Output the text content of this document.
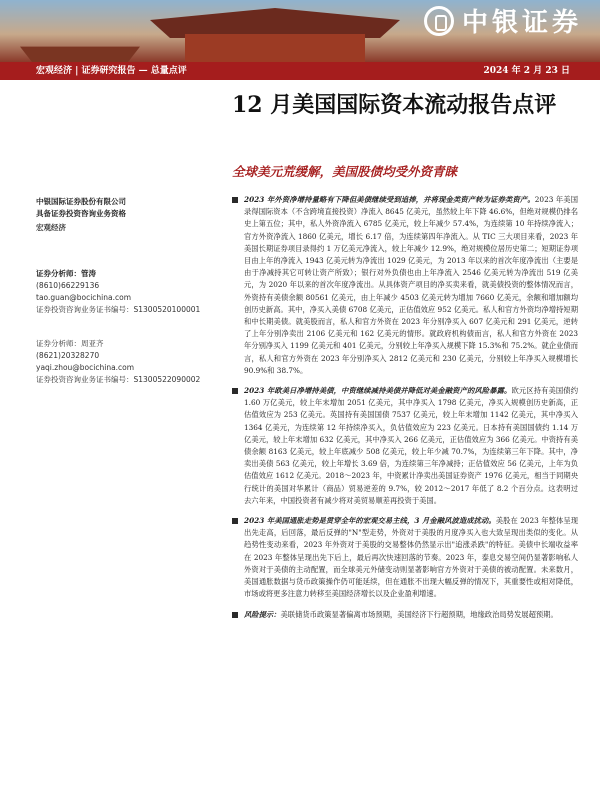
中银证券
宏观经济 | 证券研究报告 — 总量点评	2024 年 2 月 23 日
12 月美国国际资本流动报告点评
全球美元荒缓解，美国股债均受外资青睐
中银国际证券股份有限公司
具备证券投资咨询业务资格
宏观经济
证券分析师：管涛
(8610)66229136
tao.guan@bocichina.com
证券投资咨询业务证书编号：S1300520100001
证券分析师：周亚齐
(8621)20328270
yaqi.zhou@bocichina.com
证券投资咨询业务证书编号：S1300522090002
2023 年外资净增持量略有下降但美债继续受到追捧，并将现金类资产转为证券类资产。2023 年美国录得国际资本（不含跨境直接投资）净流入 8645 亿美元，虽然较上年下降 46.6%，但绝对规模仍排名史上第五位；其中，私人外资净流入 6785 亿美元，较上年减少 57.4%，为连续第 10 年持续净流入；官方外资净流入 1860 亿美元，增长 6.17 倍，为连续第四年净流入。从 TIC 三大项目来看，2023 年美国长期证券项目录得约 1 万亿美元净流入，较上年减少 12.9%，绝对规模位居历史第二；短期证券项目由上年的净流入 1943 亿美元转为净流出 1029 亿美元，为 2013 年以来的首次年度净流出（主要是由于净减持其它可转让资产所致）；银行对外负债也由上年净流入 2546 亿美元转为净流出 519 亿美元，为 2020 年以来的首次年度净流出。从具体资产项目的净买卖来看，就美债投资的整体情况而言，外资持有美债余额 80561 亿美元，由上年减少 4503 亿美元转为增加 7660 亿美元，余额和增加额均创历史新高。其中，净买入美债 6708 亿美元，正估值效应 952 亿美元。私人和官方外资均净增持短期和中长期美债。就美股而言，私人和官方外资在 2023 年分别净买入 607 亿美元和 291 亿美元，逆转了上年分别净卖出 2106 亿美元和 162 亿美元的情形。就政府机构债而言，私人和官方外资在 2023 年分别净买入 1199 亿美元和 401 亿美元，分别较上年净买入规模下降 15.3%和 75.2%。就企业债而言，私人和官方外资在 2023 年分别净买入 2812 亿美元和 230 亿美元，分别较上年净买入规模增长 90.9%和 38.7%。
2023 年欧美日净增持美债，中资继续减持美债并降低对美金融资产的风险暴露。欧元区持有美国债约 1.60 万亿美元，较上年末增加 2051 亿美元，其中净买入 1798 亿美元，净买入规模创历史新高，正估值效应为 253 亿美元。英国持有美国国债 7537 亿美元，较上年末增加 1142 亿美元，其中净买入 1364 亿美元，为连续第 12 年持续净买入，负估值效应为 223 亿美元。日本持有美国国债约 1.14 万亿美元，较上年末增加 632 亿美元，其中净买入 266 亿美元，正估值效应为 366 亿美元。中资持有美债余额 8163 亿美元，较上年底减少 508 亿美元，较上年少减 70.7%，为连续第三年下降。其中，净卖出美债 563 亿美元，较上年增长 3.69 倍，为连续第三年净减持；正估值效应 56 亿美元，上年为负估值效应 1612 亿美元。2018～2023 年，中资累计净卖出美国证券资产 1976 亿美元，相当于同期央行统计的美国对华累计（商品）贸易逆差的 9.7%，较 2012～2017 年低了 8.2 个百分点。这表明过去六年来，中国投资者有减少将对美贸易顺差再投资于美国。
2023 年美国通胀走势是贯穿全年的宏观交易主线，3 月金融风波造成扰动。美股在 2023 年整体呈现出先走高，后回落，最后反弹的"N"型走势，外资对于美股的月度净买入也大致呈现出类似的变化。从趋势性变动来看，2023 年外资对于美股的交易整体仍然显示出"追涨杀跌"的特征。美债中长端收益率在 2023 年整体呈现出先下后上，最后再次快速回落的节奏。2023 年，泰息交易空间仍显著影响私人外资对于美债的主动配置，而全球美元外储变动则显著影响官方外资对于美债的被动配置。未来数月，美国通胀数据与货币政策操作仍可能延续，但在通胀不出现大幅反弹的情况下，其重要性或相对降低，市场或将更多注意力转移至美国经济增长以及企业盈利增速。
风险提示：美联储货币政策显著偏离市场预期，美国经济下行超预期，地缘政治局势发展超预期。
